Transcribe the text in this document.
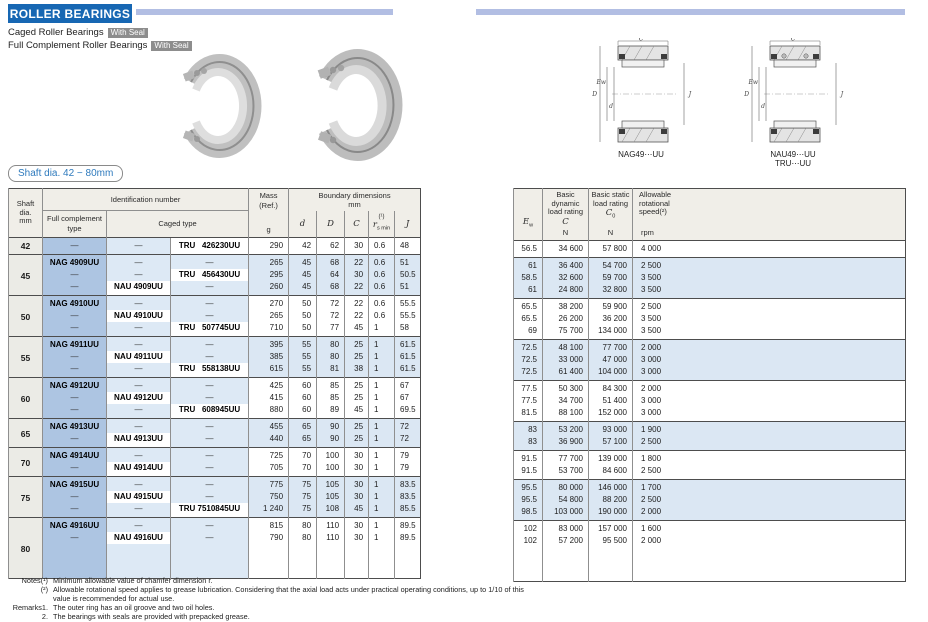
ROLLER BEARINGS
Caged Roller Bearings With Seal
Full Complement Roller Bearings With Seal
C
D
Ew
d
J
NAG49⋯UU
C
D
Ew
d
J
NAU49⋯UU
TRU⋯UU
Shaft dia. 42 − 80mm
Shaft
dia.
mm
	Identification number	Mass
(Ref.)
g

Boundary dimensions
mm

Full complement
type
	Caged type	d	D	C	
(¹)
$r_{s min}$	J
42	—	—	TRU   426230UU	290	42	62	30	0.6	48
45	NAG 4909UU	—	—	265	45	68	22	0.6	51
	—	—	TRU   456430UU	295	45	64	30	0.6	50.5
	—	NAU 4909UU	—	260	45	68	22	0.6	51
50	NAG 4910UU	—	—	270	50	72	22	0.6	55.5
	—	NAU 4910UU	—	265	50	72	22	0.6	55.5
	—	—	TRU   507745UU	710	50	77	45	1	58
55	NAG 4911UU	—	—	395	55	80	25	1	61.5
	—	NAU 4911UU	—	385	55	80	25	1	61.5
	—	—	TRU   558138UU	615	55	81	38	1	61.5
60	NAG 4912UU	—	—	425	60	85	25	1	67
	—	NAU 4912UU	—	415	60	85	25	1	67
	—	—	TRU   608945UU	880	60	89	45	1	69.5
65	NAG 4913UU	—	—	455	65	90	25	1	72
	—	NAU 4913UU	—	440	65	90	25	1	72
70	NAG 4914UU	—	—	725	70	100	30	1	79
	—	NAU 4914UU	—	705	70	100	30	1	79
75	NAG 4915UU	—	—	775	75	105	30	1	83.5
	—	NAU 4915UU	—	750	75	105	30	1	83.5
	—	—	TRU 7510845UU	1 240	75	108	45	1	85.5
80	NAG 4916UU	—	—	815	80	110	30	1	89.5
	—	NAU 4916UU	—	790	80	110	30	1	89.5

$E_w$

Basic dynamic
load rating
C	
Basic static
load rating
$C_0$	
Allowable
rotational
speed(²)

	N	N	rpm
56.5	34 600	57 800	4 000
61	36 400	54 700	2 500
58.5	32 600	59 700	3 500
61	24 800	32 800	3 500
65.5	38 200	59 900	2 500
65.5	26 200	36 200	3 500
69	75 700	134 000	3 500
72.5	48 100	77 700	2 000
72.5	33 000	47 000	3 000
72.5	61 400	104 000	3 000
77.5	50 300	84 300	2 000
77.5	34 700	51 400	3 000
81.5	88 100	152 000	3 000
83	53 200	93 000	1 900
83	36 900	57 100	2 500
91.5	77 700	139 000	1 800
91.5	53 700	84 600	2 500
95.5	80 000	146 000	1 700
95.5	54 800	88 200	2 500
98.5	103 000	190 000	2 000
102	83 000	157 000	1 600
102	57 200	95 500	2 000

Notes(¹) Minimum allowable value of chamfer dimension r.
(²) Allowable rotational speed applies to grease lubrication. Considering that the axial load acts under practical operating conditions, up to 1/10 of this value is recommended for actual use.
Remarks1. The outer ring has an oil groove and two oil holes.
2. The bearings with seals are provided with prepacked grease.
